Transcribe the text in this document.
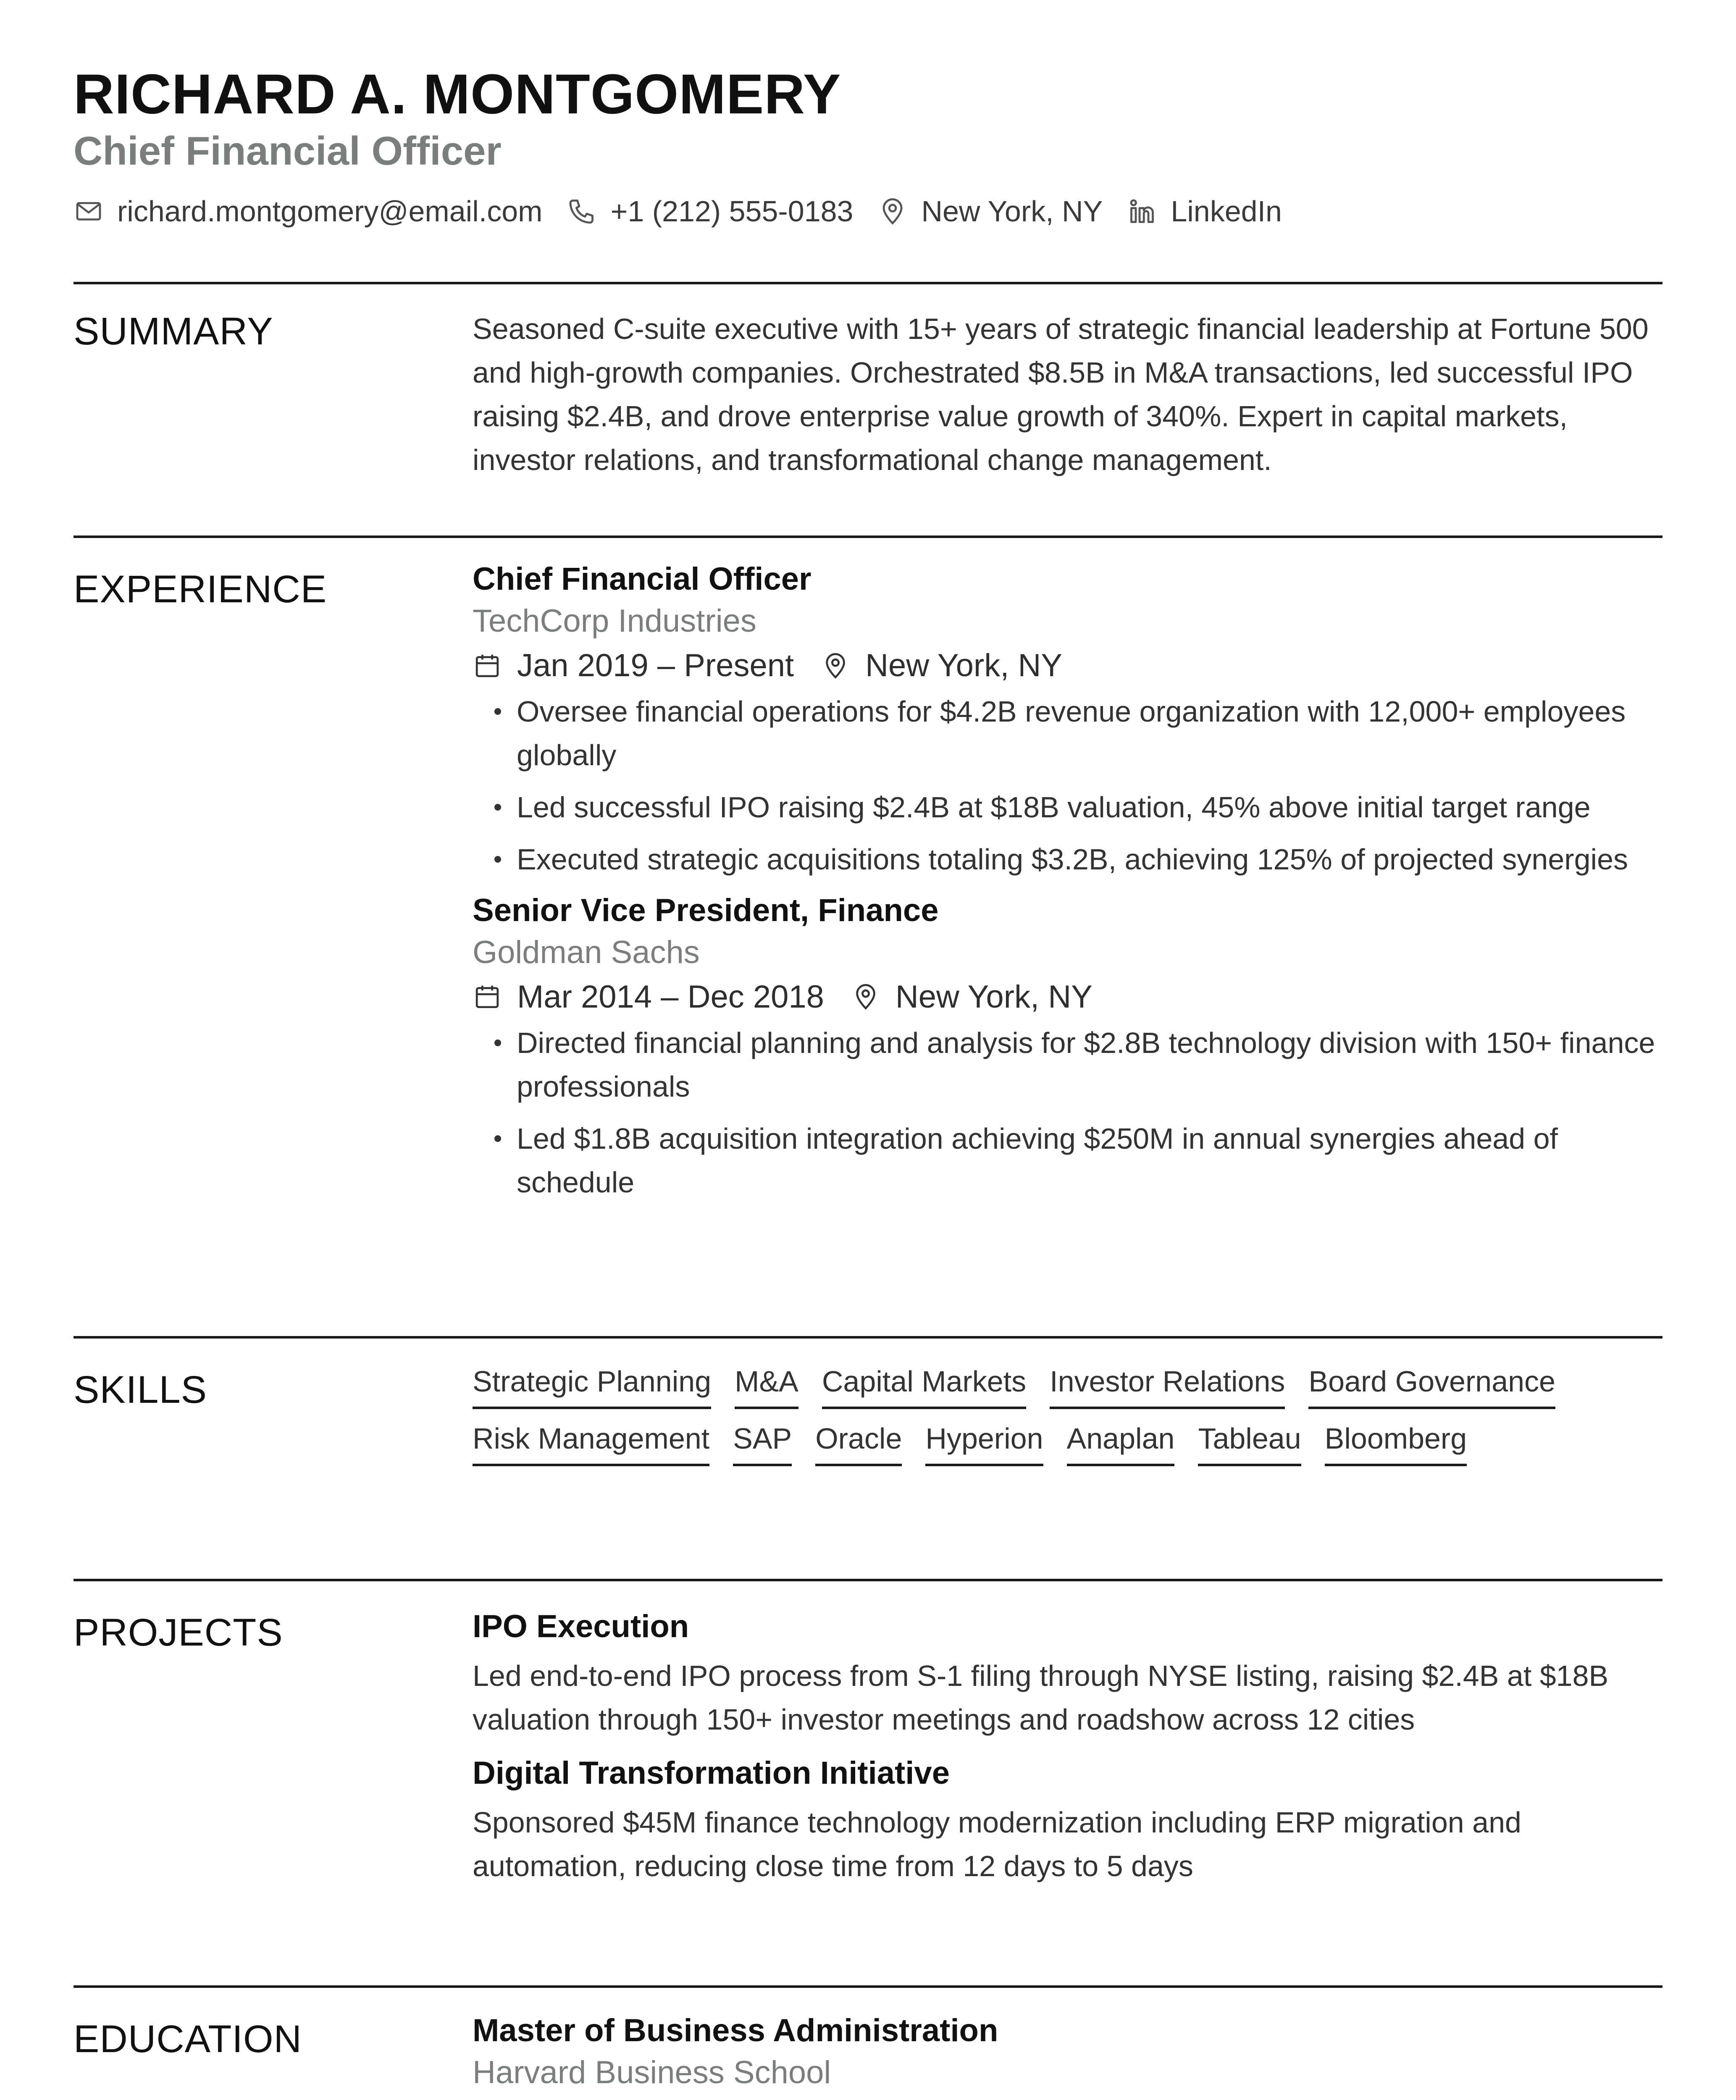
RICHARD A. MONTGOMERY
Chief Financial Officer
richard.montgomery@email.com +1 (212) 555-0183 New York, NY LinkedIn
SUMMARY	Seasoned C-suite executive with 15+ years of strategic financial leadership at Fortune 500 and high-growth companies. Orchestrated $8.5B in M&A transactions, led successful IPO raising $2.4B, and drove enterprise value growth of 340%. Expert in capital markets, investor relations, and transformational change management.

EXPERIENCE	Chief Financial Officer
TechCorp Industries
Jan 2019 – Present New York, NY
Oversee financial operations for $4.2B revenue organization with 12,000+ employees globally
Led successful IPO raising $2.4B at $18B valuation, 45% above initial target range
Executed strategic acquisitions totaling $3.2B, achieving 125% of projected synergies
Senior Vice President, Finance
Goldman Sachs
Mar 2014 – Dec 2018 New York, NY
Directed financial planning and analysis for $2.8B technology division with 150+ finance professionals
Led $1.8B acquisition integration achieving $250M in annual synergies ahead of schedule
SKILLS	Strategic Planning M&A Capital Markets Investor Relations Board Governance
Risk Management SAP Oracle Hyperion Anaplan Tableau Bloomberg
PROJECTS	IPO Execution

Led end-to-end IPO process from S-1 filing through NYSE listing, raising $2.4B at $18B valuation through 150+ investor meetings and roadshow across 12 cities

Digital Transformation Initiative

Sponsored $45M finance technology modernization including ERP migration and automation, reducing close time from 12 days to 5 days

EDUCATION	Master of Business Administration
Harvard Business School
